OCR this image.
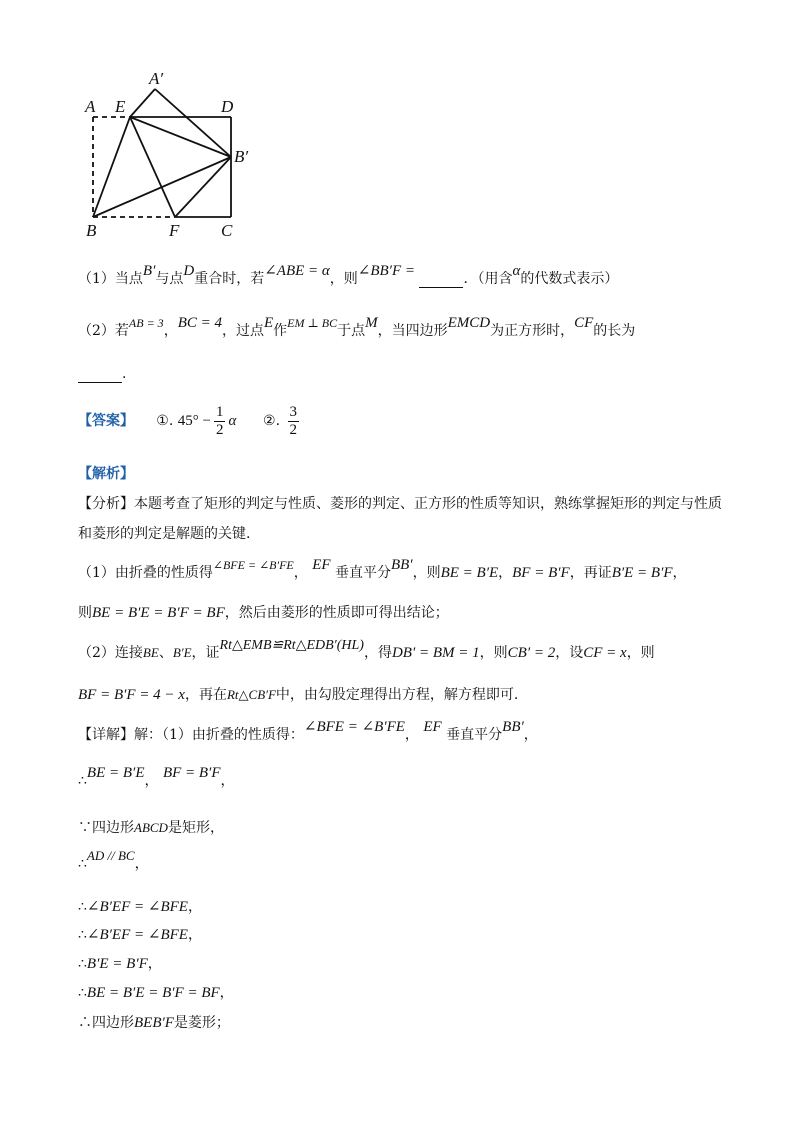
A E
A′
D
B′
B	F C
（1）当点B′与点D重合时，若∠ABE = α，则∠BB′F =	．（用含α的代数式表示）
（2）若AB = 3，BC = 4，过点E作EM ⊥ BC于点M，当四边形EMCD为正方形时，CF的长为
.
【答案】 ①. $45^\circ - \frac{1}{2}$ α ②. $\frac{3}{2}$
【解析】
【分析】本题考查了矩形的判定与性质、菱形的判定、正方形的性质等知识，熟练掌握矩形的判定与性质
和菱形的判定是解题的关键.
（1）由折叠的性质得∠BFE = ∠B′FE， EF 垂直平分BB′，则BE = B′E，BF = B′F，再证B′E = B′F，
则BE = B′E = B′F = BF，然后由菱形的性质即可得出结论；
（2）连接BE、B′E，证Rt△EMB≌Rt△EDB′(HL)，得DB′ = BM = 1，则CB′ = 2，设CF = x，则
BF = B′F = 4 − x，再在Rt△CB′F中，由勾股定理得出方程，解方程即可.
【详解】解：（1）由折叠的性质得：∠BFE = ∠B′FE， EF 垂直平分BB′，
∴BE = B′E， BF = B′F，
∵四边形ABCD是矩形，
∴AD // BC，
∴∠B′EF = ∠BFE，
∴∠B′EF = ∠BFE，
∴B′E = B′F，
∴BE = B′E = B′F = BF，
∴四边形BEB′F是菱形；
